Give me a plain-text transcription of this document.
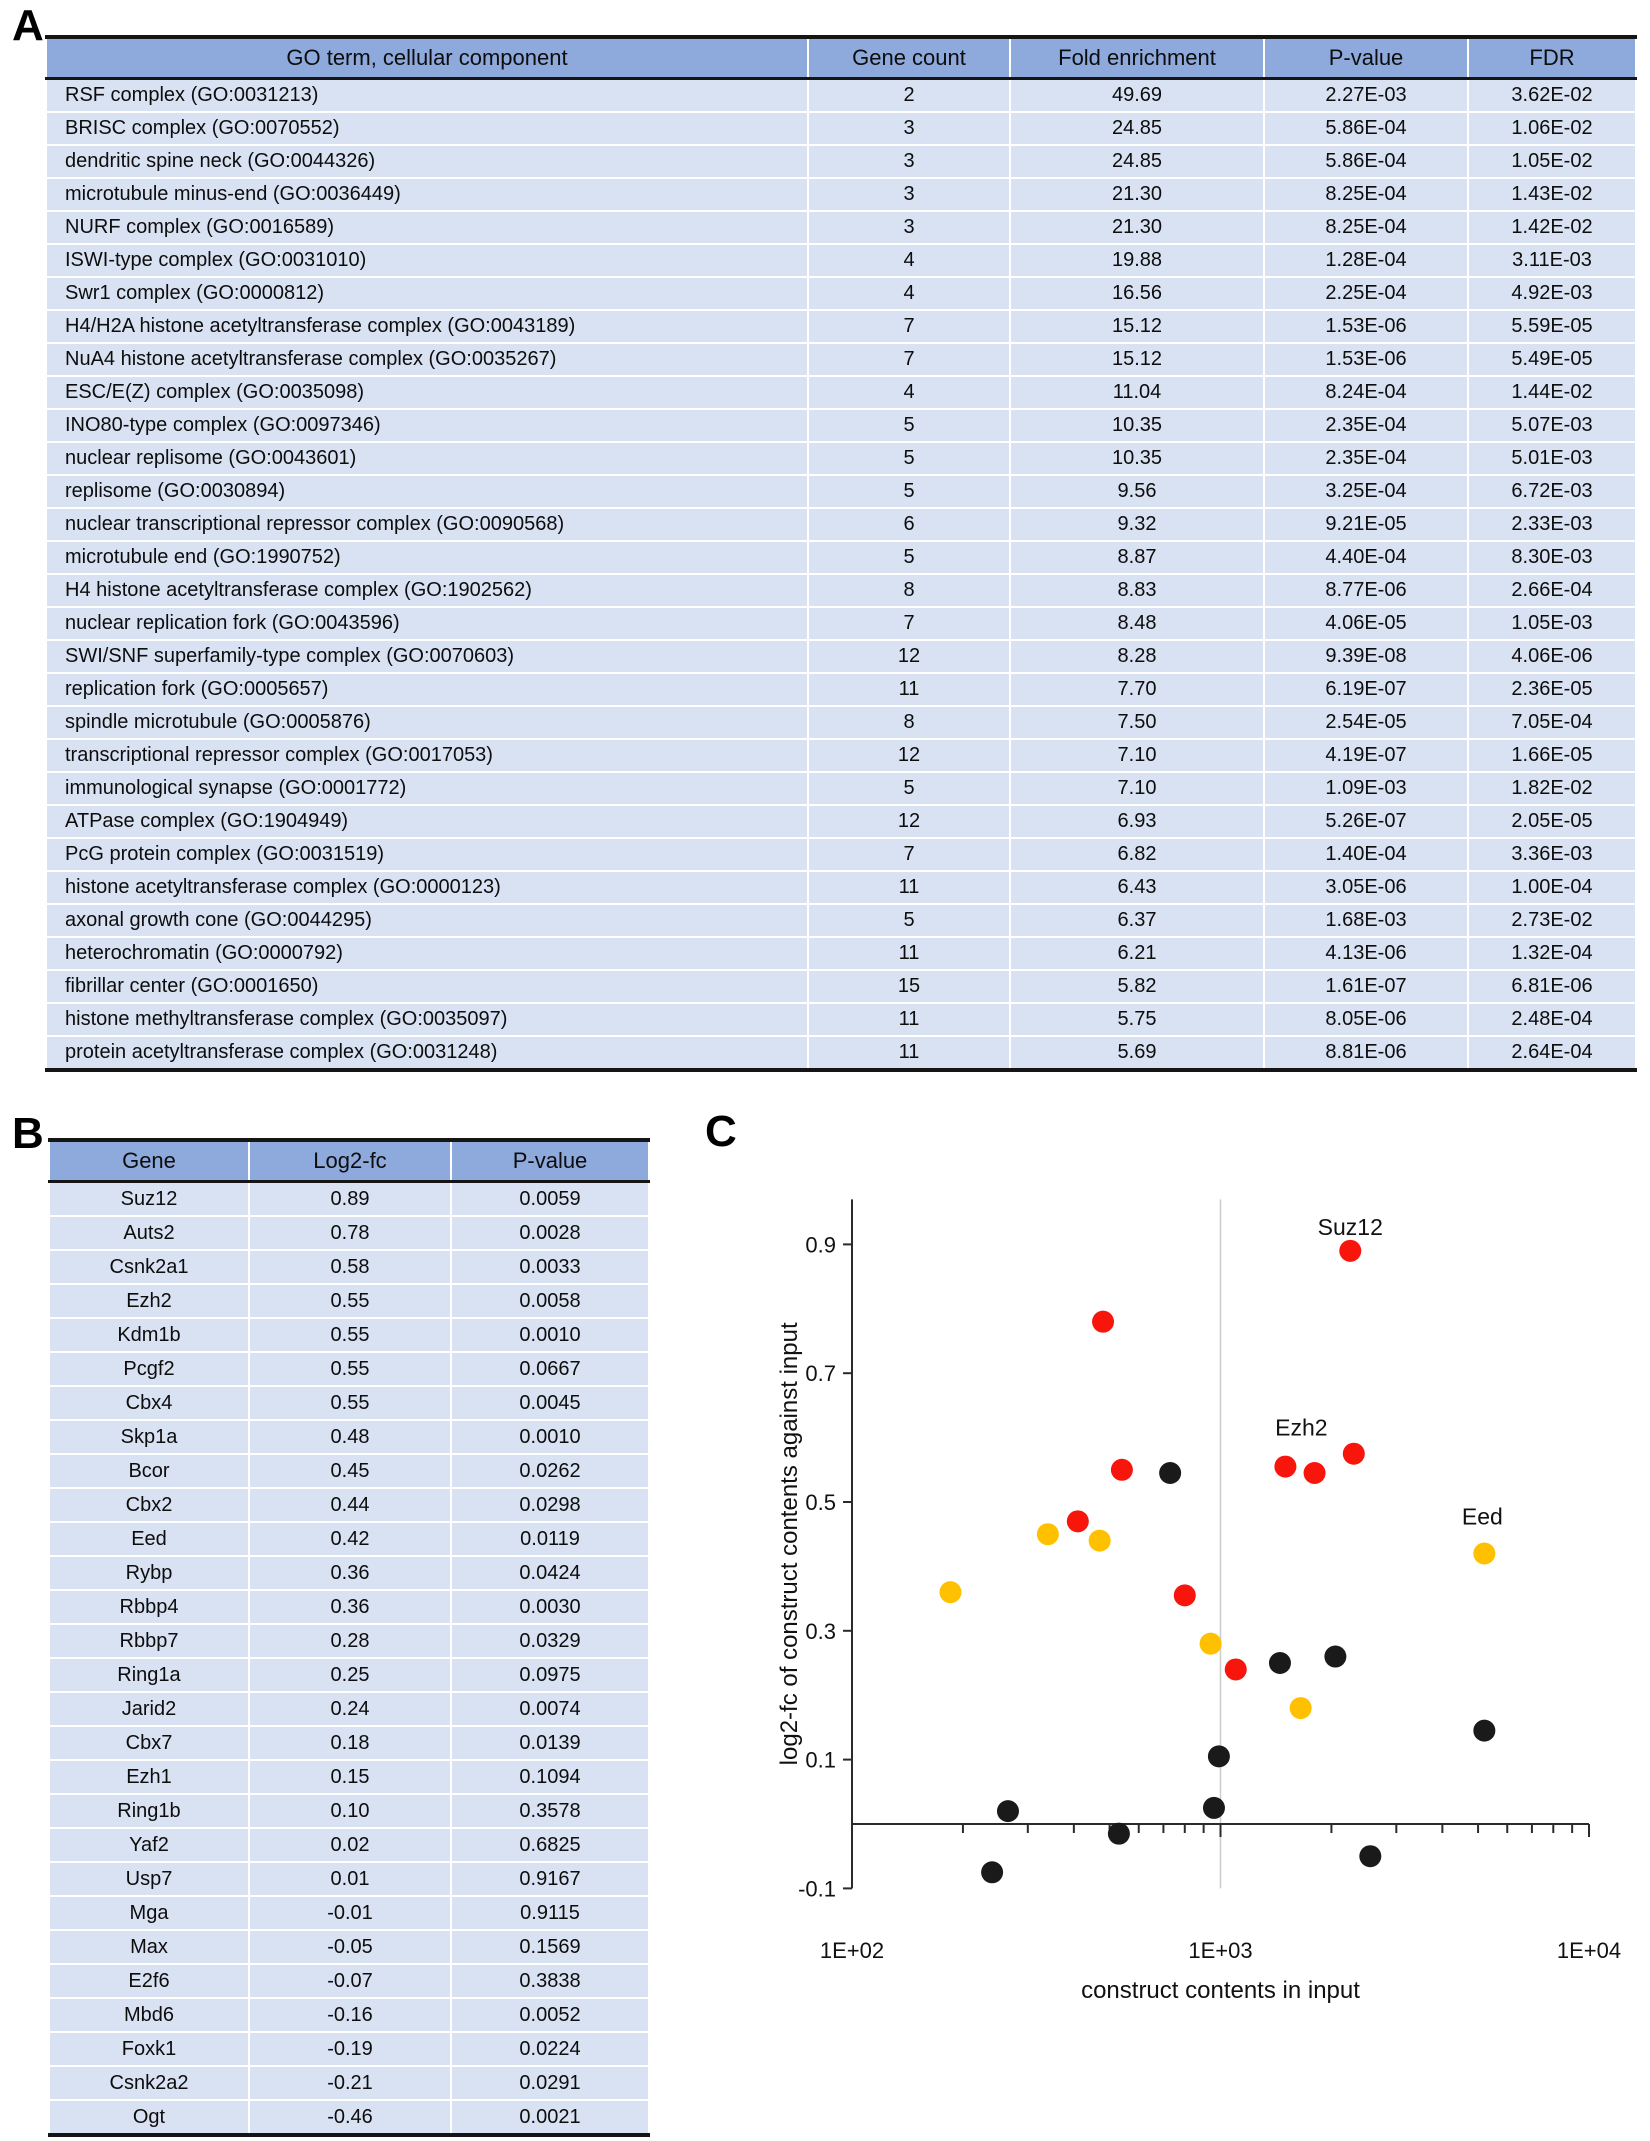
A
GO term, cellular component	Gene count	Fold enrichment	P-value	FDR
RSF complex (GO:0031213)	2	49.69	2.27E-03	3.62E-02
BRISC complex (GO:0070552)	3	24.85	5.86E-04	1.06E-02
dendritic spine neck (GO:0044326)	3	24.85	5.86E-04	1.05E-02
microtubule minus-end (GO:0036449)	3	21.30	8.25E-04	1.43E-02
NURF complex (GO:0016589)	3	21.30	8.25E-04	1.42E-02
ISWI-type complex (GO:0031010)	4	19.88	1.28E-04	3.11E-03
Swr1 complex (GO:0000812)	4	16.56	2.25E-04	4.92E-03
H4/H2A histone acetyltransferase complex (GO:0043189)	7	15.12	1.53E-06	5.59E-05
NuA4 histone acetyltransferase complex (GO:0035267)	7	15.12	1.53E-06	5.49E-05
ESC/E(Z) complex (GO:0035098)	4	11.04	8.24E-04	1.44E-02
INO80-type complex (GO:0097346)	5	10.35	2.35E-04	5.07E-03
nuclear replisome (GO:0043601)	5	10.35	2.35E-04	5.01E-03
replisome (GO:0030894)	5	9.56	3.25E-04	6.72E-03
nuclear transcriptional repressor complex (GO:0090568)	6	9.32	9.21E-05	2.33E-03
microtubule end (GO:1990752)	5	8.87	4.40E-04	8.30E-03
H4 histone acetyltransferase complex (GO:1902562)	8	8.83	8.77E-06	2.66E-04
nuclear replication fork (GO:0043596)	7	8.48	4.06E-05	1.05E-03
SWI/SNF superfamily-type complex (GO:0070603)	12	8.28	9.39E-08	4.06E-06
replication fork (GO:0005657)	11	7.70	6.19E-07	2.36E-05
spindle microtubule (GO:0005876)	8	7.50	2.54E-05	7.05E-04
transcriptional repressor complex (GO:0017053)	12	7.10	4.19E-07	1.66E-05
immunological synapse (GO:0001772)	5	7.10	1.09E-03	1.82E-02
ATPase complex (GO:1904949)	12	6.93	5.26E-07	2.05E-05
PcG protein complex (GO:0031519)	7	6.82	1.40E-04	3.36E-03
histone acetyltransferase complex (GO:0000123)	11	6.43	3.05E-06	1.00E-04
axonal growth cone (GO:0044295)	5	6.37	1.68E-03	2.73E-02
heterochromatin (GO:0000792)	11	6.21	4.13E-06	1.32E-04
fibrillar center (GO:0001650)	15	5.82	1.61E-07	6.81E-06
histone methyltransferase complex (GO:0035097)	11	5.75	8.05E-06	2.48E-04
protein acetyltransferase complex (GO:0031248)	11	5.69	8.81E-06	2.64E-04
B
Gene	Log2-fc	P-value
Suz12	0.89	0.0059
Auts2	0.78	0.0028
Csnk2a1	0.58	0.0033
Ezh2	0.55	0.0058
Kdm1b	0.55	0.0010
Pcgf2	0.55	0.0667
Cbx4	0.55	0.0045
Skp1a	0.48	0.0010
Bcor	0.45	0.0262
Cbx2	0.44	0.0298
Eed	0.42	0.0119
Rybp	0.36	0.0424
Rbbp4	0.36	0.0030
Rbbp7	0.28	0.0329
Ring1a	0.25	0.0975
Jarid2	0.24	0.0074
Cbx7	0.18	0.0139
Ezh1	0.15	0.1094
Ring1b	0.10	0.3578
Yaf2	0.02	0.6825
Usp7	0.01	0.9167
Mga	-0.01	0.9115
Max	-0.05	0.1569
E2f6	-0.07	0.3838
Mbd6	-0.16	0.0052
Foxk1	-0.19	0.0224
Csnk2a2	-0.21	0.0291
Ogt	-0.46	0.0021
C
1E+02	1E+03	1E+04
0.9
0.7
0.5
0.3
0.1
-0.1
construct contents in input
log2-fc of construct contents against input
Suz12
Ezh2
Eed
